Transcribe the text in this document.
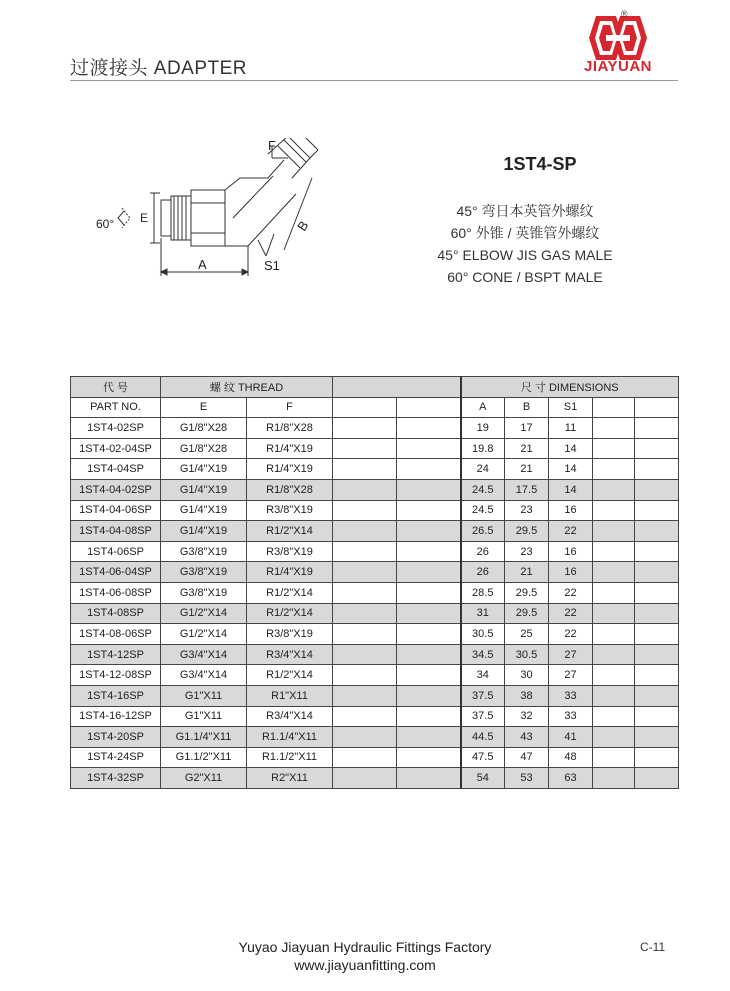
过渡接头 ADAPTER
®
JIAYUAN
F
E
60°	B
A	S1
1ST4-SP
45° 弯日本英管外螺纹
60° 外锥 / 英锥管外螺纹
45° ELBOW JIS GAS MALE
60° CONE / BSPT MALE
代 号	螺 纹 THREAD				尺 寸 DIMENSIONS				
PART NO.	E	F			A	B	S1		
1ST4-02SP	G1/8"X28	R1/8"X28			19	17	11		
1ST4-02-04SP	G1/8"X28	R1/4"X19			19.8	21	14		
1ST4-04SP	G1/4"X19	R1/4"X19			24	21	14		
1ST4-04-02SP	G1/4"X19	R1/8"X28			24.5	17.5	14		
1ST4-04-06SP	G1/4"X19	R3/8"X19			24.5	23	16		
1ST4-04-08SP	G1/4"X19	R1/2"X14			26.5	29.5	22		
1ST4-06SP	G3/8"X19	R3/8"X19			26	23	16		
1ST4-06-04SP	G3/8"X19	R1/4"X19			26	21	16		
1ST4-06-08SP	G3/8"X19	R1/2"X14			28.5	29.5	22		
1ST4-08SP	G1/2"X14	R1/2"X14			31	29.5	22		
1ST4-08-06SP	G1/2"X14	R3/8"X19			30.5	25	22		
1ST4-12SP	G3/4"X14	R3/4"X14			34.5	30.5	27		
1ST4-12-08SP	G3/4"X14	R1/2"X14			34	30	27		
1ST4-16SP	G1"X11	R1"X11			37.5	38	33		
1ST4-16-12SP	G1"X11	R3/4"X14			37.5	32	33		
1ST4-20SP	G1.1/4"X11	R1.1/4"X11			44.5	43	41		
1ST4-24SP	G1.1/2"X11	R1.1/2"X11			47.5	47	48		
1ST4-32SP	G2"X11	R2"X11			54	53	63		
Yuyao Jiayuan Hydraulic Fittings Factory
www.jiayuanfitting.com
C-11
